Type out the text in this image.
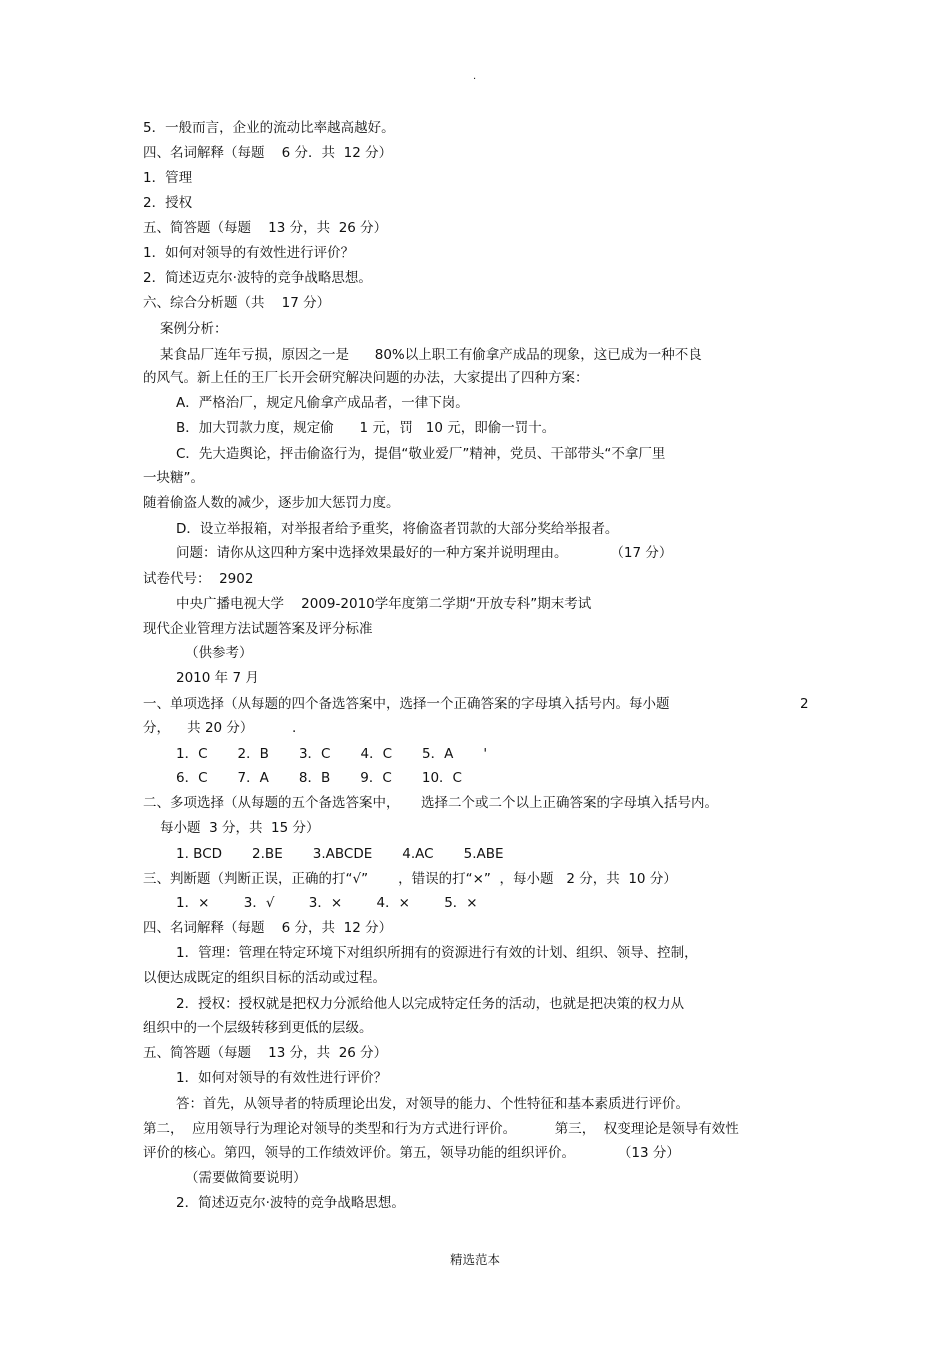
.
5．一般而言，企业的流动比率越高越好。
四、名词解释（每题    6 分．共  12 分）
1．管理
2．授权
五、简答题（每题    13 分，共  26 分）
1．如何对领导的有效性进行评价？
2．简述迈克尔·波特的竞争战略思想。
六、综合分析题（共    17 分）
案例分析：
某食品厂连年亏损，原因之一是      80%以上职工有偷拿产成品的现象，这已成为一种不良
的风气。新上任的王厂长开会研究解决问题的办法，大家提出了四种方案：
A．严格治厂，规定凡偷拿产成品者，一律下岗。
B．加大罚款力度，规定偷      1 元，罚   10 元，即偷一罚十。
C．先大造舆论，抨击偷盗行为，提倡“敬业爱厂”精神，党员、干部带头“不拿厂里
一块糖”。
随着偷盗人数的减少，逐步加大惩罚力度。
D．设立举报箱，对举报者给予重奖，将偷盗者罚款的大部分奖给举报者。
问题：请你从这四种方案中选择效果最好的一种方案并说明理由。          （17 分）
试卷代号：  2902
中央广播电视大学    2009-2010学年度第二学期“开放专科”期末考试
现代企业管理方法试题答案及评分标准
（供参考）
2010 年 7 月
一、单项选择（从每题的四个备选答案中，选择一个正确答案的字母填入括号内。每小题	2
分，    共 20 分）         .
1．C       2．B       3．C       4．C       5．A       '
6．C       7．A       8．B       9．C       10．C
二、多项选择（从每题的五个备选答案中，     选择二个或二个以上正确答案的字母填入括号内。
每小题  3 分，共  15 分）
1. BCD       2.BE       3.ABCDE       4.AC       5.ABE
三、判断题（判断正误，正确的打“√”       ，错误的打“×”  ，每小题   2 分，共  10 分）
1．×        3．√        3．×        4．×        5．×
四、名词解释（每题    6 分，共  12 分）
1．管理：管理在特定环境下对组织所拥有的资源进行有效的计划、组织、领导、控制，
以便达成既定的组织目标的活动或过程。
2．授权：授权就是把权力分派给他人以完成特定任务的活动，也就是把决策的权力从
组织中的一个层级转移到更低的层级。
五、简答题（每题    13 分，共  26 分）
1．如何对领导的有效性进行评价？
答：首先，从领导者的特质理论出发，对领导的能力、个性特征和基本素质进行评价。
第二，  应用领导行为理论对领导的类型和行为方式进行评价。         第三，  权变理论是领导有效性
评价的核心。第四，领导的工作绩效评价。第五，领导功能的组织评价。          （13 分）
（需要做简要说明）
2．简述迈克尔·波特的竞争战略思想。
精选范本
